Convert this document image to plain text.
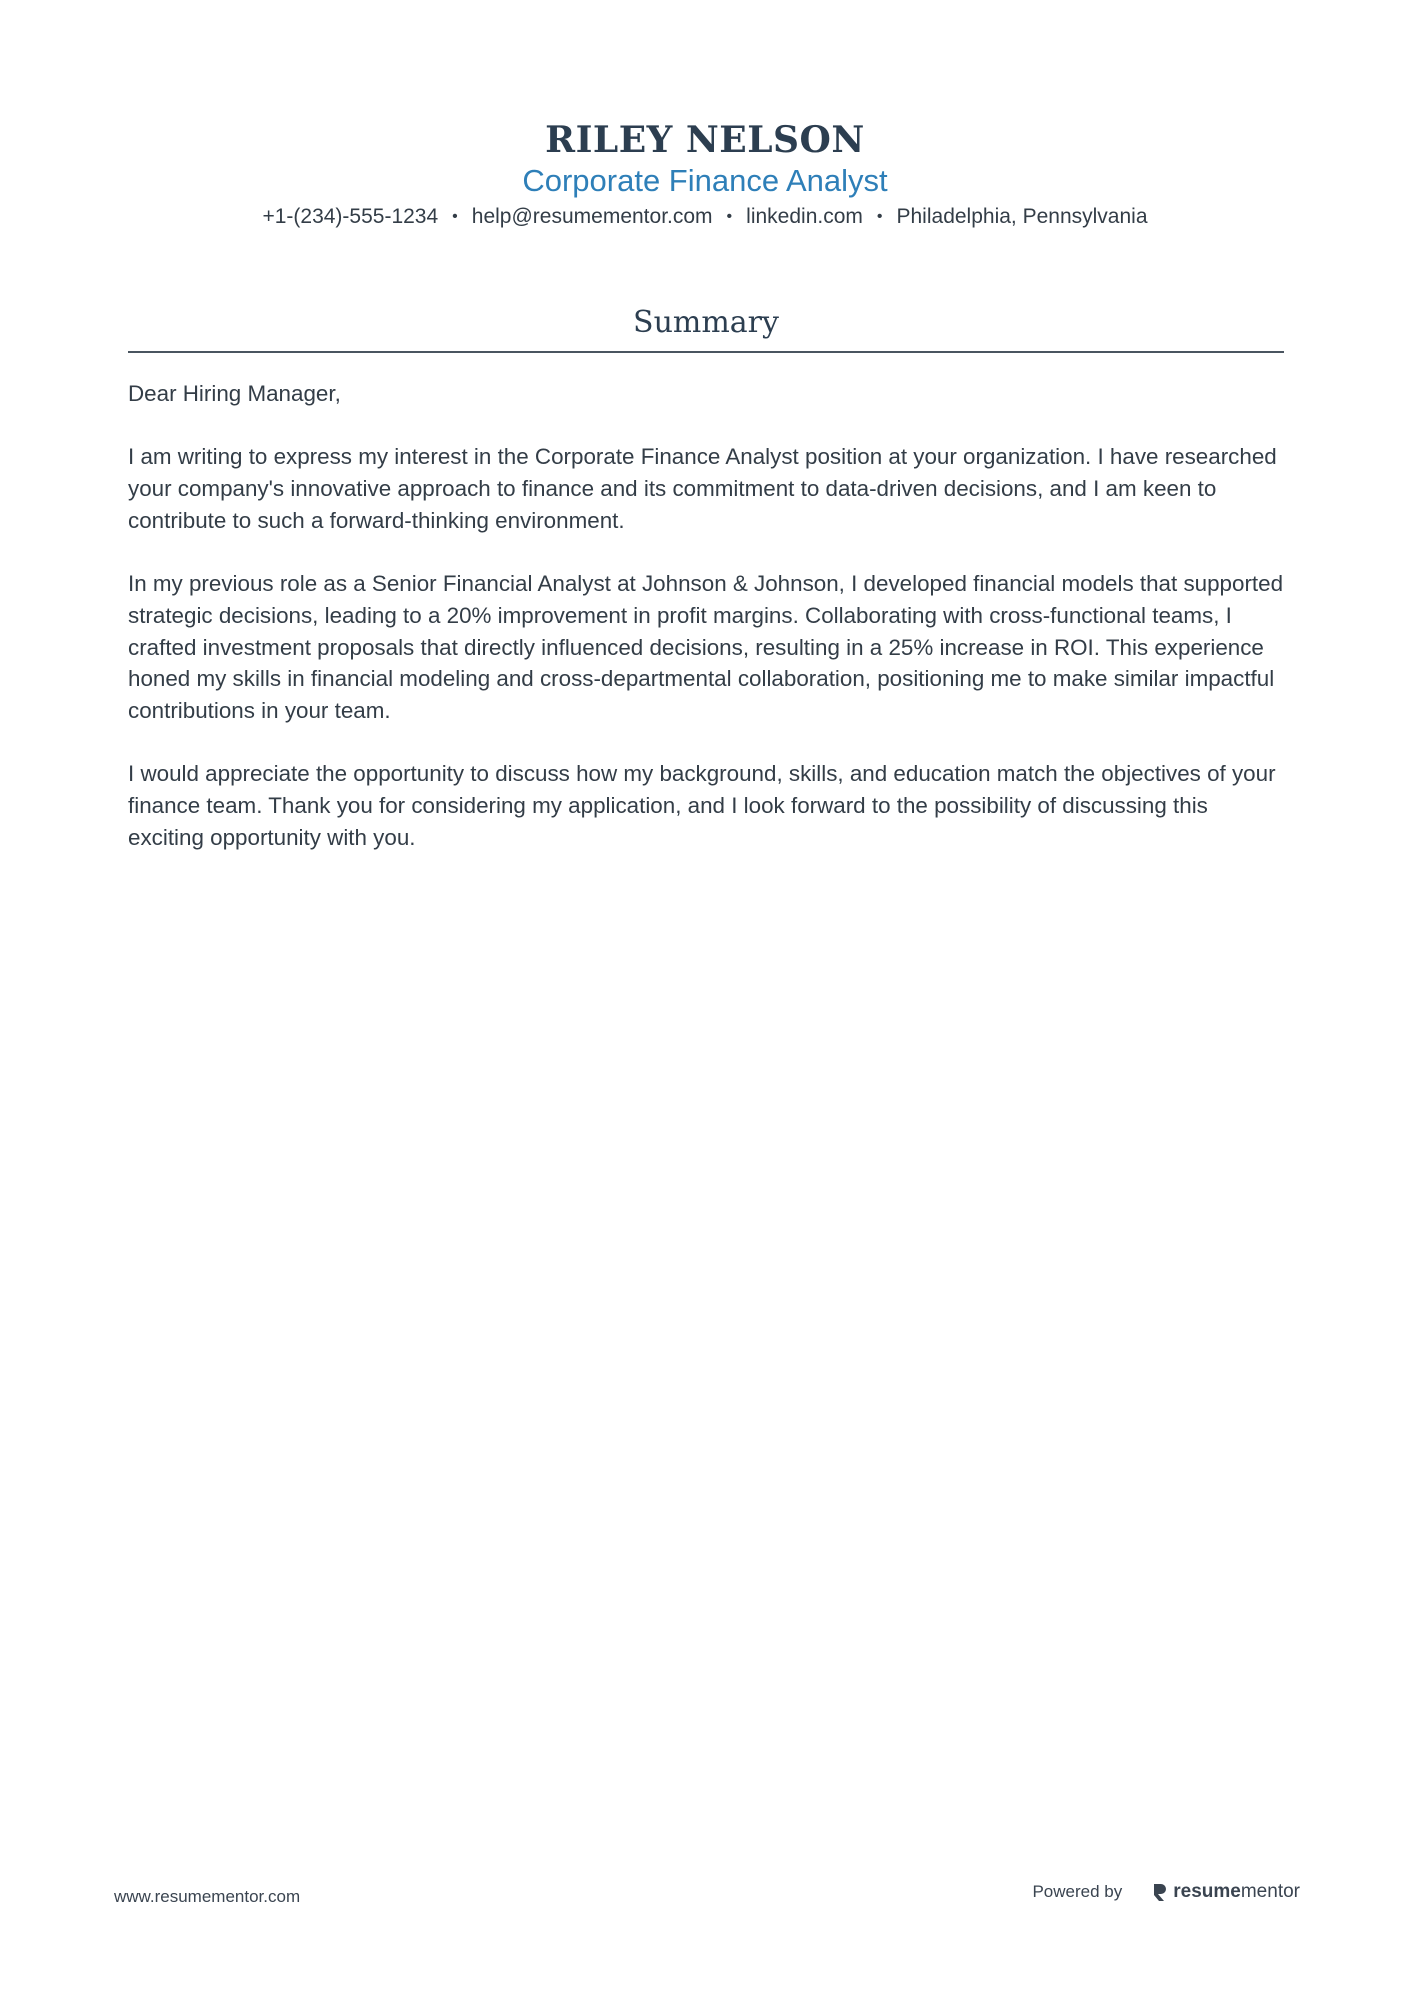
RILEY NELSON
Corporate Finance Analyst
+1-(234)-555-1234 • help@resumementor.com • linkedin.com • Philadelphia, Pennsylvania
Summary

Dear Hiring Manager,

I am writing to express my interest in the Corporate Finance Analyst position at your organization. I have researched your company's innovative approach to finance and its commitment to data-driven decisions, and I am keen to contribute to such a forward-thinking environment.

In my previous role as a Senior Financial Analyst at Johnson & Johnson, I developed financial models that supported strategic decisions, leading to a 20% improvement in profit margins. Collaborating with cross-functional teams, I crafted investment proposals that directly influenced decisions, resulting in a 25% increase in ROI. This experience honed my skills in financial modeling and cross-departmental collaboration, positioning me to make similar impactful contributions in your team.

I would appreciate the opportunity to discuss how my background, skills, and education match the objectives of your finance team. Thank you for considering my application, and I look forward to the possibility of discussing this exciting opportunity with you.

www.resumementor.com	Powered by	resume mentor
